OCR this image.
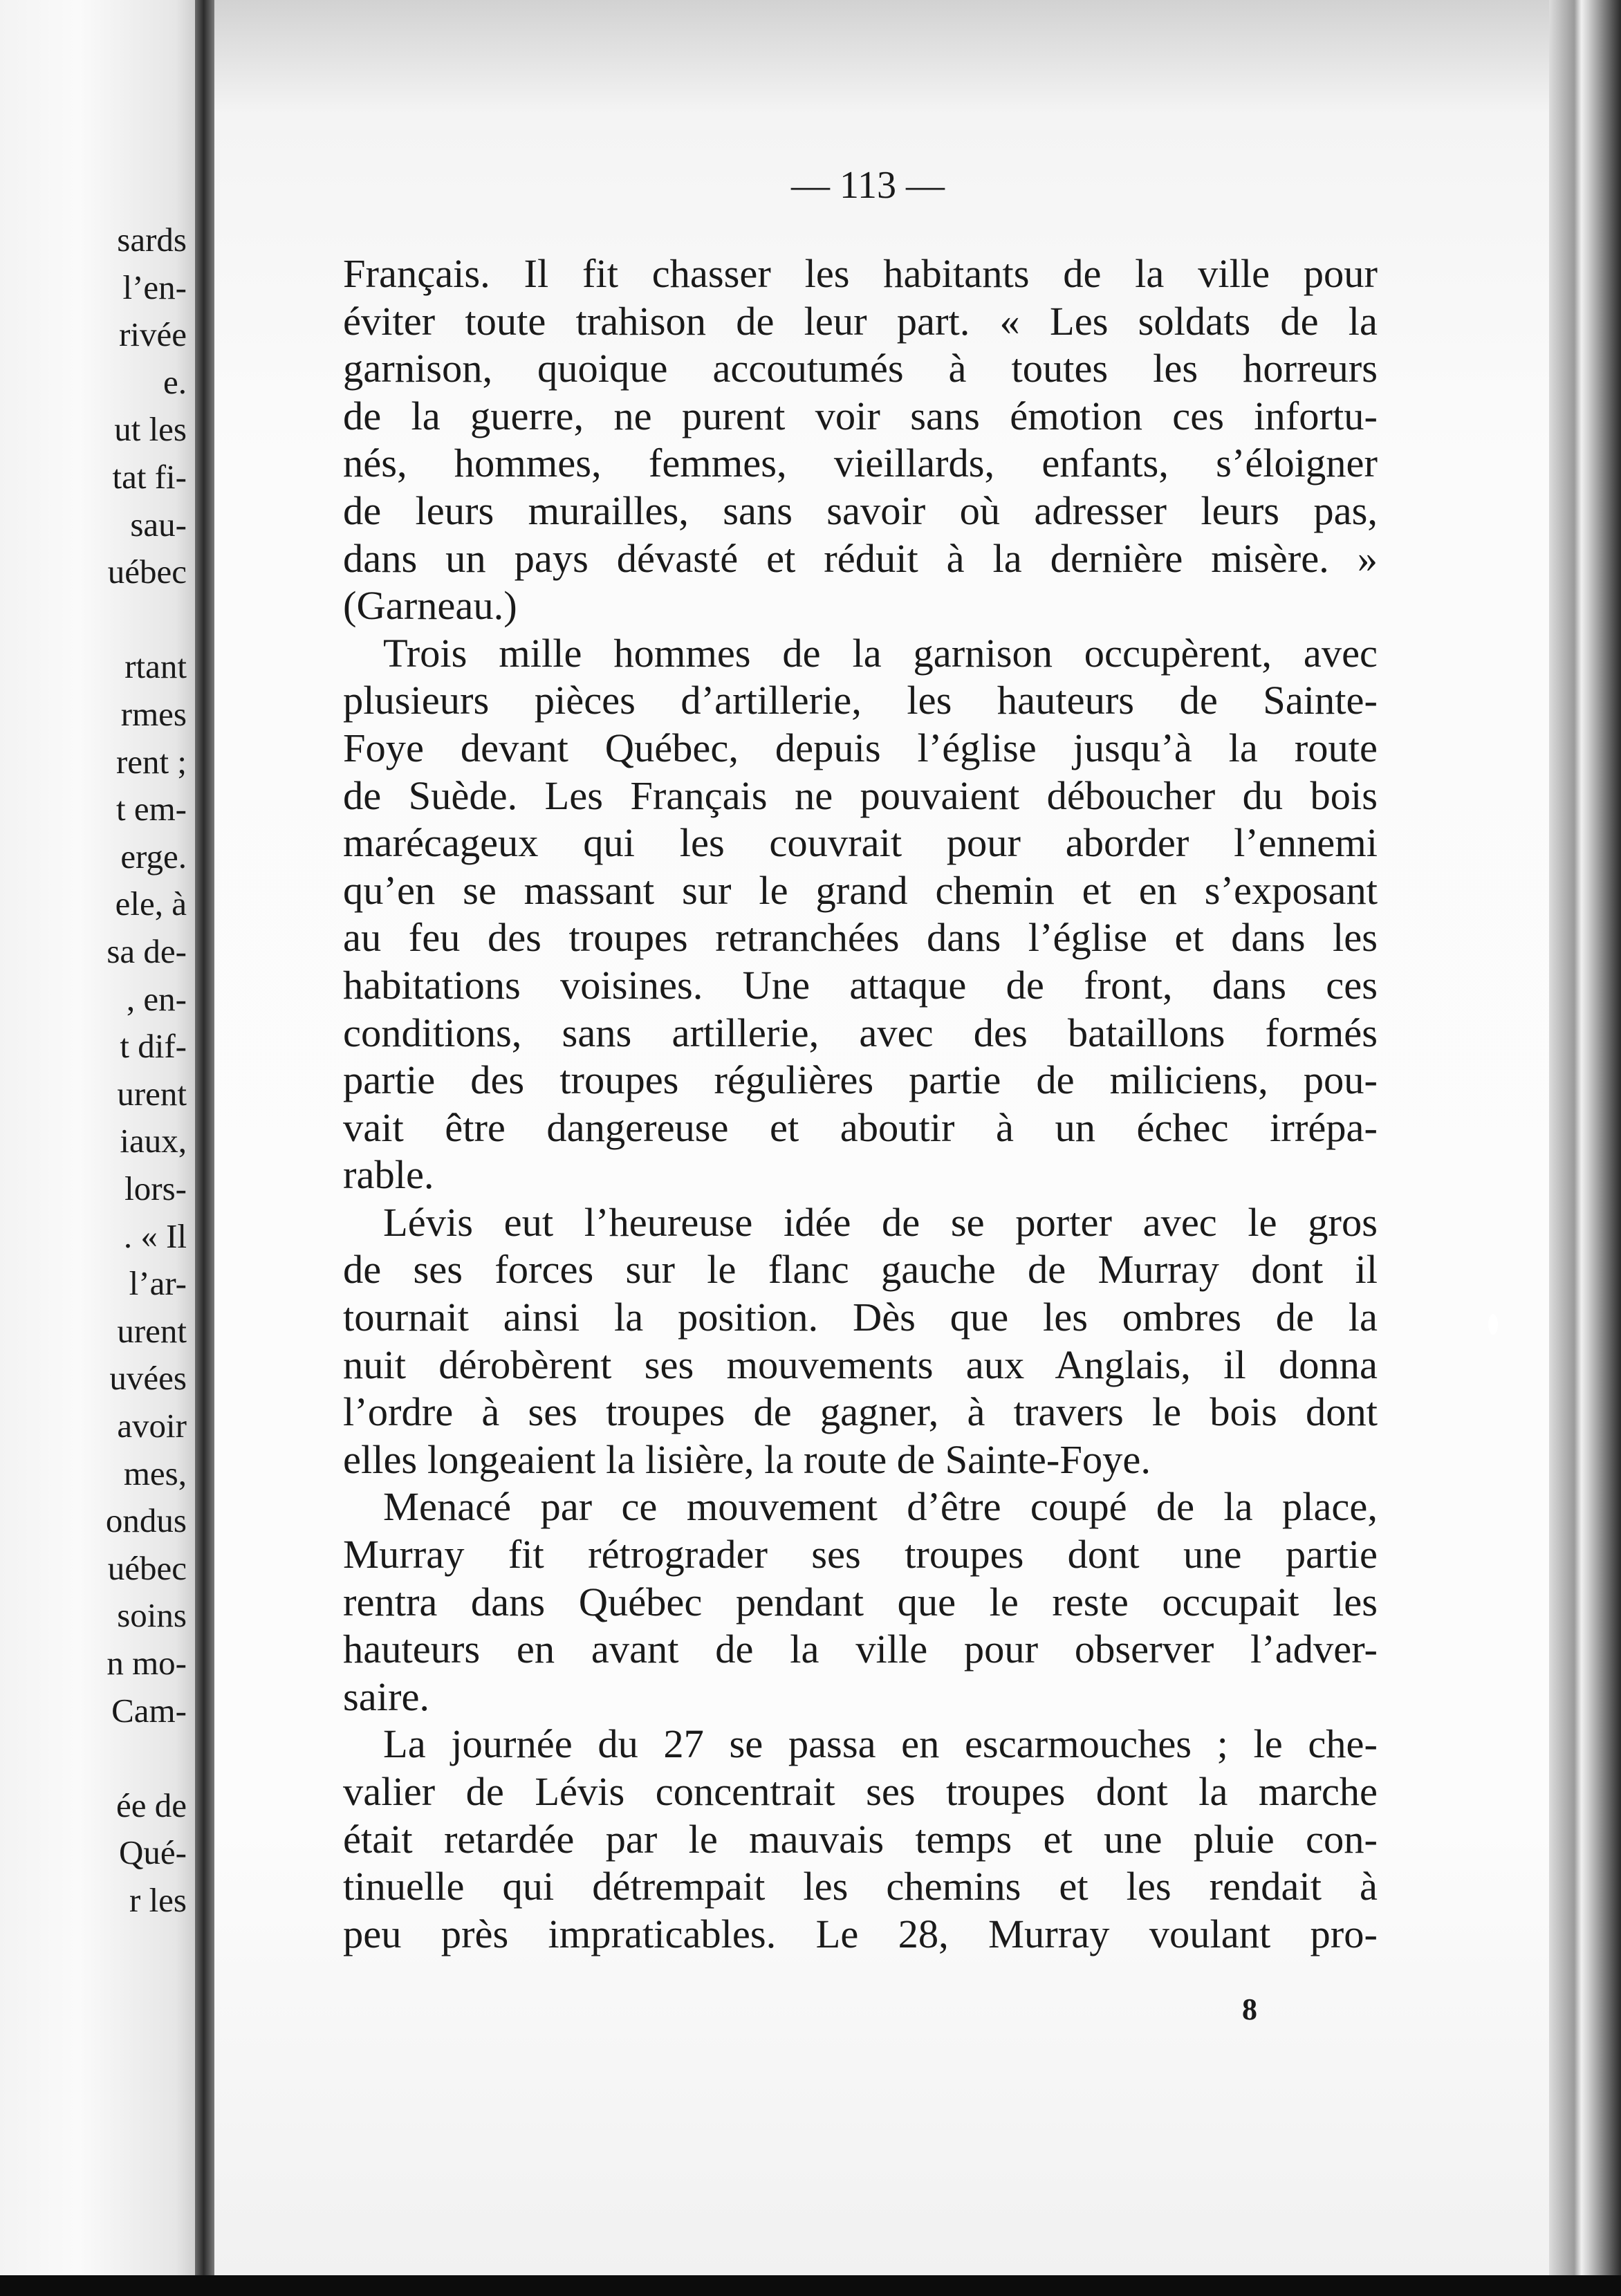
sards
l’en-
rivée
e.
ut les
tat fi-
sau-
uébec
rtant
rmes
rent ;
t em-
erge.
ele, à
sa de-
, en-
t dif-
urent
iaux,
lors-
. « Il
l’ar-
urent
uvées
avoir
mes,
ondus
uébec
soins
n mo-
Cam-
ée de
Qué-
r les
— 113 —
Français. Il fit chasser les habitants de la ville pour
éviter toute trahison de leur part. « Les soldats de la
garnison, quoique accoutumés à toutes les horreurs
de la guerre, ne purent voir sans émotion ces infortu-
nés, hommes, femmes, vieillards, enfants, s’éloigner
de leurs murailles, sans savoir où adresser leurs pas,
dans un pays dévasté et réduit à la dernière misère. »
(Garneau.)
Trois mille hommes de la garnison occupèrent, avec
plusieurs pièces d’artillerie, les hauteurs de Sainte-
Foye devant Québec, depuis l’église jusqu’à la route
de Suède. Les Français ne pouvaient déboucher du bois
marécageux qui les couvrait pour aborder l’ennemi
qu’en se massant sur le grand chemin et en s’exposant
au feu des troupes retranchées dans l’église et dans les
habitations voisines. Une attaque de front, dans ces
conditions, sans artillerie, avec des bataillons formés
partie des troupes régulières partie de miliciens, pou-
vait être dangereuse et aboutir à un échec irrépa-
rable.
Lévis eut l’heureuse idée de se porter avec le gros
de ses forces sur le flanc gauche de Murray dont il
tournait ainsi la position. Dès que les ombres de la
nuit dérobèrent ses mouvements aux Anglais, il donna
l’ordre à ses troupes de gagner, à travers le bois dont
elles longeaient la lisière, la route de Sainte-Foye.
Menacé par ce mouvement d’être coupé de la place,
Murray fit rétrograder ses troupes dont une partie
rentra dans Québec pendant que le reste occupait les
hauteurs en avant de la ville pour observer l’adver-
saire.
La journée du 27 se passa en escarmouches ; le che-
valier de Lévis concentrait ses troupes dont la marche
était retardée par le mauvais temps et une pluie con-
tinuelle qui détrempait les chemins et les rendait à
peu près impraticables. Le 28, Murray voulant pro-
8
